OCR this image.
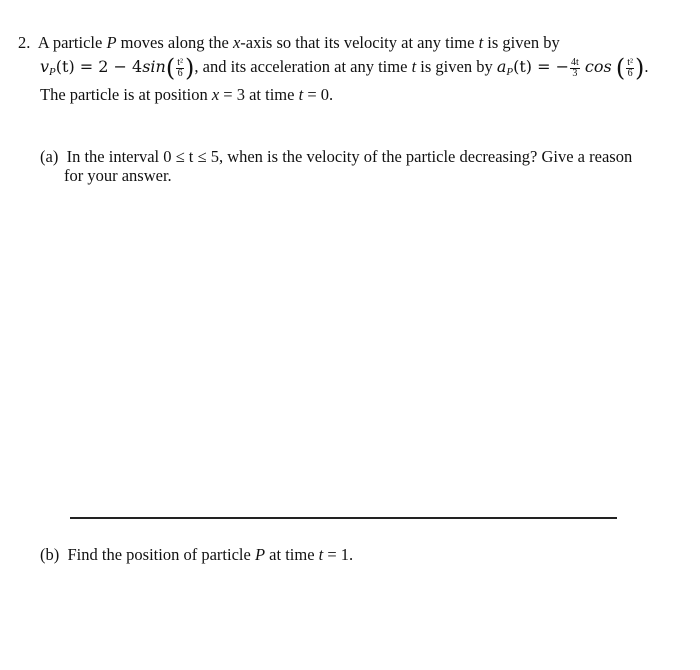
2. A particle P moves along the x-axis so that its velocity at any time t is given by
$v_P(t) = 2 - 4\sin( \frac{\text{t²}}{6}$ ), and its acceleration at any time t is given by $a_P(t)$ = − $\frac{4t}{3}$ cos ( $\frac{\text{t²}}{6}$ ).
The particle is at position x = 3 at time t = 0.
(a) In the interval 0 ≤ t ≤ 5, when is the velocity of the particle decreasing? Give a reason
for your answer.
(b) Find the position of particle P at time t = 1.
